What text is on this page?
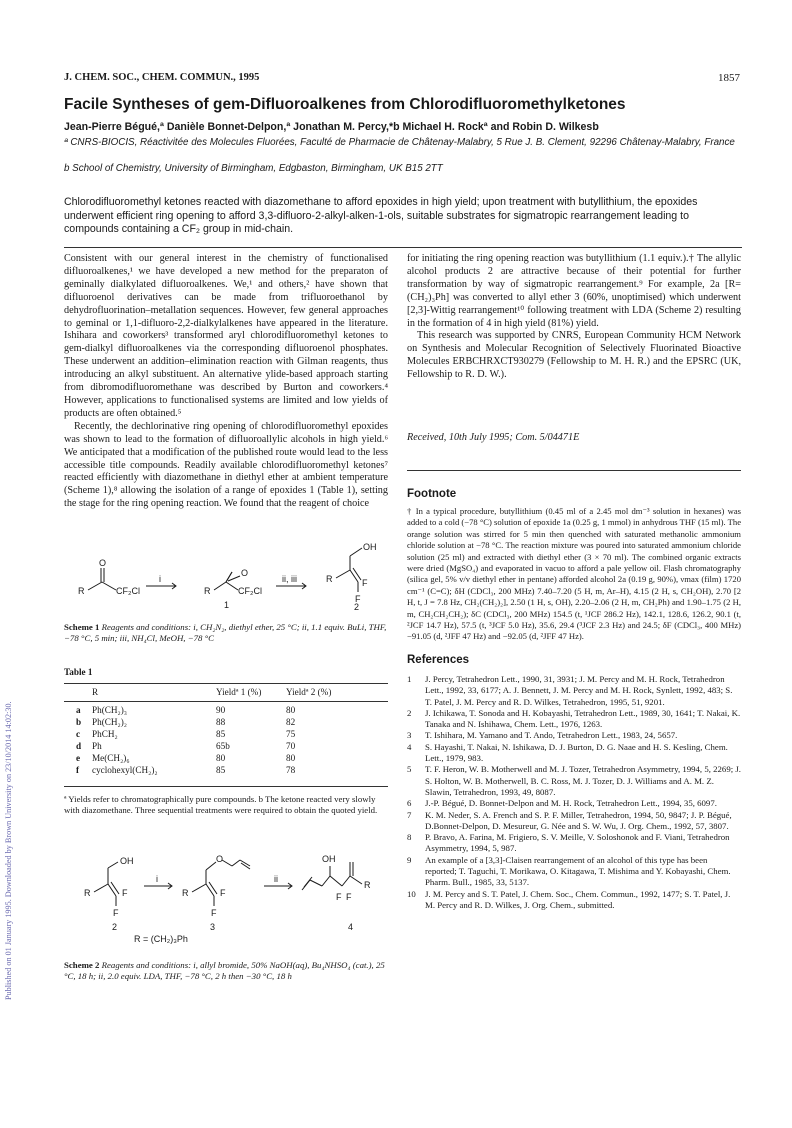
Published on 01 January 1995. Downloaded by Brown University on 23/10/2014 14:02:30.
J. CHEM. SOC., CHEM. COMMUN., 1995	1857
Facile Syntheses of gem-Difluoroalkenes from Chlorodifluoromethylketones
Jean-Pierre Bégué,ª Danièle Bonnet-Delpon,ª Jonathan M. Percy,*b Michael H. Rockª and Robin D. Wilkesb
ª CNRS-BIOCIS, Réactivitée des Molecules Fluorées, Faculté de Pharmacie de Châtenay-Malabry, 5 Rue J. B. Clement, 92296 Châtenay-Malabry, France
b School of Chemistry, University of Birmingham, Edgbaston, Birmingham, UK B15 2TT
Chlorodifluoromethyl ketones reacted with diazomethane to afford epoxides in high yield; upon treatment with butyllithium, the epoxides underwent efficient ring opening to afford 3,3-difluoro-2-alkyl-alken-1-ols, suitable substrates for sigmatropic rearrangement leading to compounds containing a CF₂ group in mid-chain.

Consistent with our general interest in the chemistry of functionalised difluoroalkenes,¹ we have developed a new method for the preparaton of geminally dialkylated difluoroalkenes. We,¹ and others,² have shown that difluoroenol derivatives can be made from trifluoroethanol by dehydrofluorination–metallation sequences. However, few general approaches to geminal or 1,1-difluoro-2,2-dialkylalkenes have appeared in the literature. Ishihara and coworkers³ transformed aryl chlorodifluoromethyl ketones to gem-dialkyl difluoroalkenes via the corresponding difluoroenol phosphates. These underwent an addition–elimination reaction with Gilman reagents, thus introducing an alkyl substituent. An alternative ylide-based approach starting from dibromodifluoromethane was described by Burton and coworkers.⁴ However, applications to functionalised systems are limited and low yields of products are often obtained.⁵

Recently, the dechlorinative ring opening of chlorodifluoromethyl epoxides was shown to lead to the formation of difluoroallylic alcohols in high yield.⁶ We anticipated that a modification of the published route would lead to the less accessible title compounds. Readily available chlorodifluoromethyl ketones⁷ reacted efficiently with diazomethane in diethyl ether at ambient temperature (Scheme 1),⁸ allowing the isolation of a range of epoxides 1 (Table 1), setting the stage for the ring opening reaction. We found that the reagent of choice

O
R	CF₂Cl
i
R
O
CF₂Cl
1
ii, iii
OH
R	F
F
2
Scheme 1 Reagents and conditions: i, CH₂N₂, diethyl ether, 25 °C; ii, 1.1 equiv. BuLi, THF, −78 °C, 5 min; iii, NH₄Cl, MeOH, −78 °C
Table 1
	R	Yieldª 1 (%)	Yieldª 2 (%)

a	Ph(CH₂)₃	90	80
b	Ph(CH₂)₂	88	82
c	PhCH₂	85	75
d	Ph	65b	70
e	Me(CH₂)₆	80	80
f	cyclohexyl(CH₂)₂	85	78
ª Yields refer to chromatographically pure compounds. b The ketone reacted very slowly with diazomethane. Three sequential treatments were required to obtain the quoted yield.
OH
R	F
F
2
i
O
R	F
F
3
ii
OH
R
F F
4
R = (CH₂)₃Ph
Scheme 2 Reagents and conditions: i, allyl bromide, 50% NaOH(aq), Bu₄NHSO₄ (cat.), 25 °C, 18 h; ii, 2.0 equiv. LDA, THF, −78 °C, 2 h then −30 °C, 18 h

for initiating the ring opening reaction was butyllithium (1.1 equiv.).† The allylic alcohol products 2 are attractive because of their potential for further transformation by way of sigmatropic rearrangement.⁹ For example, 2a [R=(CH₂)₃Ph] was converted to allyl ether 3 (60%, unoptimised) which underwent [2,3]-Wittig rearrangement¹⁰ following treatment with LDA (Scheme 2) resulting in the formation of 4 in high yield (81%) yield.

This research was supported by CNRS, European Community HCM Network on Synthesis and Molecular Recognition of Selectively Fluorinated Bioactive Molecules ERBCHRXCT930279 (Fellowship to M. H. R.) and the EPSRC (UK, Fellowship to R. D. W.).

Received, 10th July 1995; Com. 5/04471E
Footnote
† In a typical procedure, butyllithium (0.45 ml of a 2.45 mol dm⁻³ solution in hexanes) was added to a cold (−78 °C) solution of epoxide 1a (0.25 g, 1 mmol) in anhydrous THF (15 ml). The orange solution was stirred for 5 min then quenched with saturated methanolic ammonium chloride solution at −78 °C. The reaction mixture was poured into saturated ammonium chloride solution (25 ml) and extracted with diethyl ether (3 × 70 ml). The combined organic extracts were dried (MgSO₄) and evaporated in vacuo to afford a pale yellow oil. Flash chromatography (silica gel, 5% v/v diethyl ether in pentane) afforded alcohol 2a (0.19 g, 90%), νmax (film) 1720 cm⁻¹ (C=C); δH (CDCl₃, 200 MHz) 7.40–7.20 (5 H, m, Ar–H), 4.15 (2 H, s, CH₂OH), 2.70 [2 H, t, J = 7.8 Hz, CH₂(CH₂)₂], 2.50 (1 H, s, OH), 2.20–2.06 (2 H, m, CH₂Ph) and 1.90–1.75 (2 H, m, CH₂CH₂CH₂); δC (CDCl₃, 200 MHz) 154.5 (t, ¹JCF 286.2 Hz), 142.1, 128.6, 126.2, 90.1 (t, ²JCF 14.7 Hz), 57.5 (t, ³JCF 5.0 Hz), 35.6, 29.4 (³JCF 2.3 Hz) and 24.5; δF (CDCl₃, 400 MHz) −91.05 (d, ²JFF 47 Hz) and −92.05 (d, ²JFF 47 Hz).
References

1 J. Percy, Tetrahedron Lett., 1990, 31, 3931; J. M. Percy and M. H. Rock, Tetrahedron Lett., 1992, 33, 6177; A. J. Bennett, J. M. Percy and M. H. Rock, Synlett, 1992, 483; S. T. Patel, J. M. Percy and R. D. Wilkes, Tetrahedron, 1995, 51, 9201.

2 J. Ichikawa, T. Sonoda and H. Kobayashi, Tetrahedron Lett., 1989, 30, 1641; T. Nakai, K. Tanaka and N. Ishihawa, Chem. Lett., 1976, 1263.

3 T. Ishihara, M. Yamano and T. Ando, Tetrahedron Lett., 1983, 24, 5657.

4 S. Hayashi, T. Nakai, N. Ishikawa, D. J. Burton, D. G. Naae and H. S. Kesling, Chem. Lett., 1979, 983.

5 T. F. Heron, W. B. Motherwell and M. J. Tozer, Tetrahedron Asymmetry, 1994, 5, 2269; J. S. Holton, W. B. Motherwell, B. C. Ross, M. J. Tozer, D. J. Williams and A. M. Z. Slawin, Tetrahedron, 1993, 49, 8087.

6 J.-P. Bégué, D. Bonnet-Delpon and M. H. Rock, Tetrahedron Lett., 1994, 35, 6097.

7 K. M. Neder, S. A. French and S. P. F. Miller, Tetrahedron, 1994, 50, 9847; J. P. Bégué, D.Bonnet-Delpon, D. Mesureur, G. Née and S. W. Wu, J. Org. Chem., 1992, 57, 3807.

8 P. Bravo, A. Farina, M. Frigiero, S. V. Meille, V. Soloshonok and F. Viani, Tetrahedron Asymmetry, 1994, 5, 987.

9 An example of a [3,3]-Claisen rearrangement of an alcohol of this type has been reported; T. Taguchi, T. Morikawa, O. Kitagawa, T. Mishima and Y. Kobayashi, Chem. Pharm. Bull., 1985, 33, 5137.

10 J. M. Percy and S. T. Patel, J. Chem. Soc., Chem. Commun., 1992, 1477; S. T. Patel, J. M. Percy and R. D. Wilkes, J. Org. Chem., submitted.
